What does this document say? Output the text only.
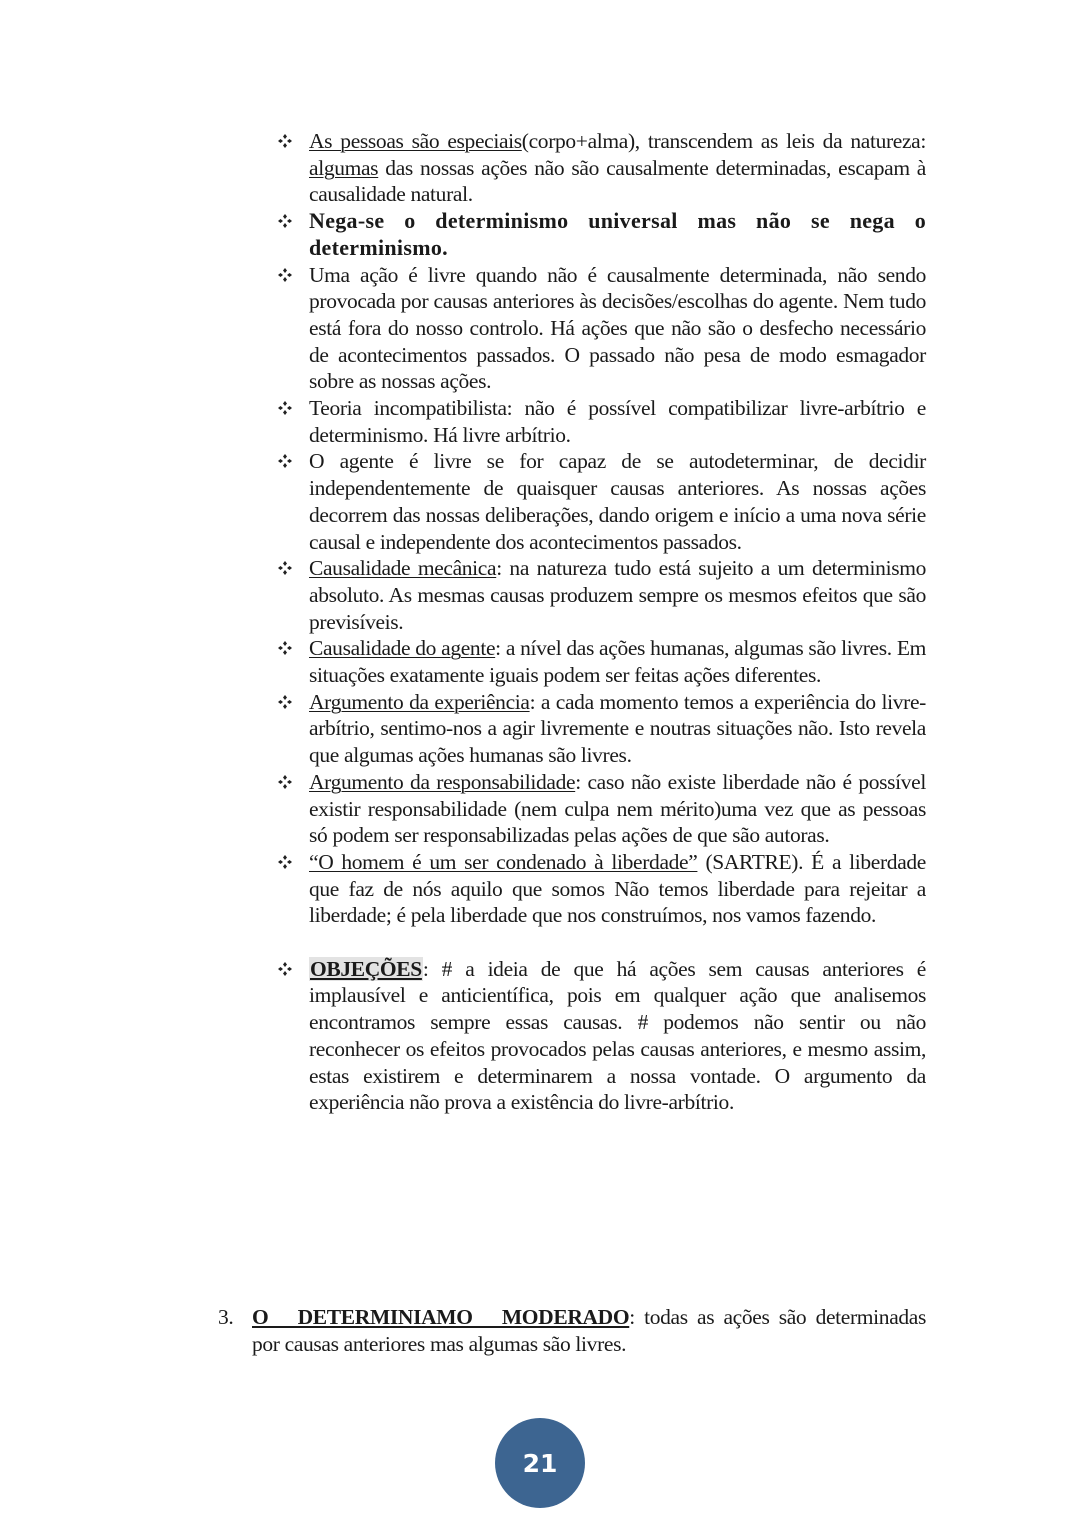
As pessoas são especiais(corpo+alma), transcendem as leis da natureza: algumas das nossas ações não são causalmente determinadas, escapam à causalidade natural.
Nega-se o determinismo universal mas não se nega o determinismo.
Uma ação é livre quando não é causalmente determinada, não sendo provocada por causas anteriores às decisões/escolhas do agente. Nem tudo está fora do nosso controlo. Há ações que não são o desfecho necessário de acontecimentos passados. O passado não pesa de modo esmagador sobre as nossas ações.
Teoria incompatibilista: não é possível compatibilizar livre-arbítrio e determinismo. Há livre arbítrio.
O agente é livre se for capaz de se autodeterminar, de decidir independentemente de quaisquer causas anteriores. As nossas ações decorrem das nossas deliberações, dando origem e início a uma nova série causal e independente dos acontecimentos passados.
Causalidade mecânica: na natureza tudo está sujeito a um determinismo absoluto. As mesmas causas produzem sempre os mesmos efeitos que são previsíveis.
Causalidade do agente: a nível das ações humanas, algumas são livres. Em situações exatamente iguais podem ser feitas ações diferentes.
Argumento da experiência: a cada momento temos a experiência do livre-arbítrio, sentimo-nos a agir livremente e noutras situações não. Isto revela que algumas ações humanas são livres.
Argumento da responsabilidade: caso não existe liberdade não é possível existir responsabilidade (nem culpa nem mérito)uma vez que as pessoas só podem ser responsabilizadas pelas ações de que são autoras.
“O homem é um ser condenado à liberdade” (SARTRE). É a liberdade que faz de nós aquilo que somos Não temos liberdade para rejeitar a liberdade; é pela liberdade que nos construímos, nos vamos fazendo.
OBJEÇÕES: # a ideia de que há ações sem causas anteriores é implausível e anticientífica, pois em qualquer ação que analisemos encontramos sempre essas causas. # podemos não sentir ou não reconhecer os efeitos provocados pelas causas anteriores, e mesmo assim, estas existirem e determinarem a nossa vontade. O argumento da experiência não prova a existência do livre-arbítrio.
3. O DETERMINIAMO MODERADO: todas as ações são determinadas por causas anteriores mas algumas são livres.
21
